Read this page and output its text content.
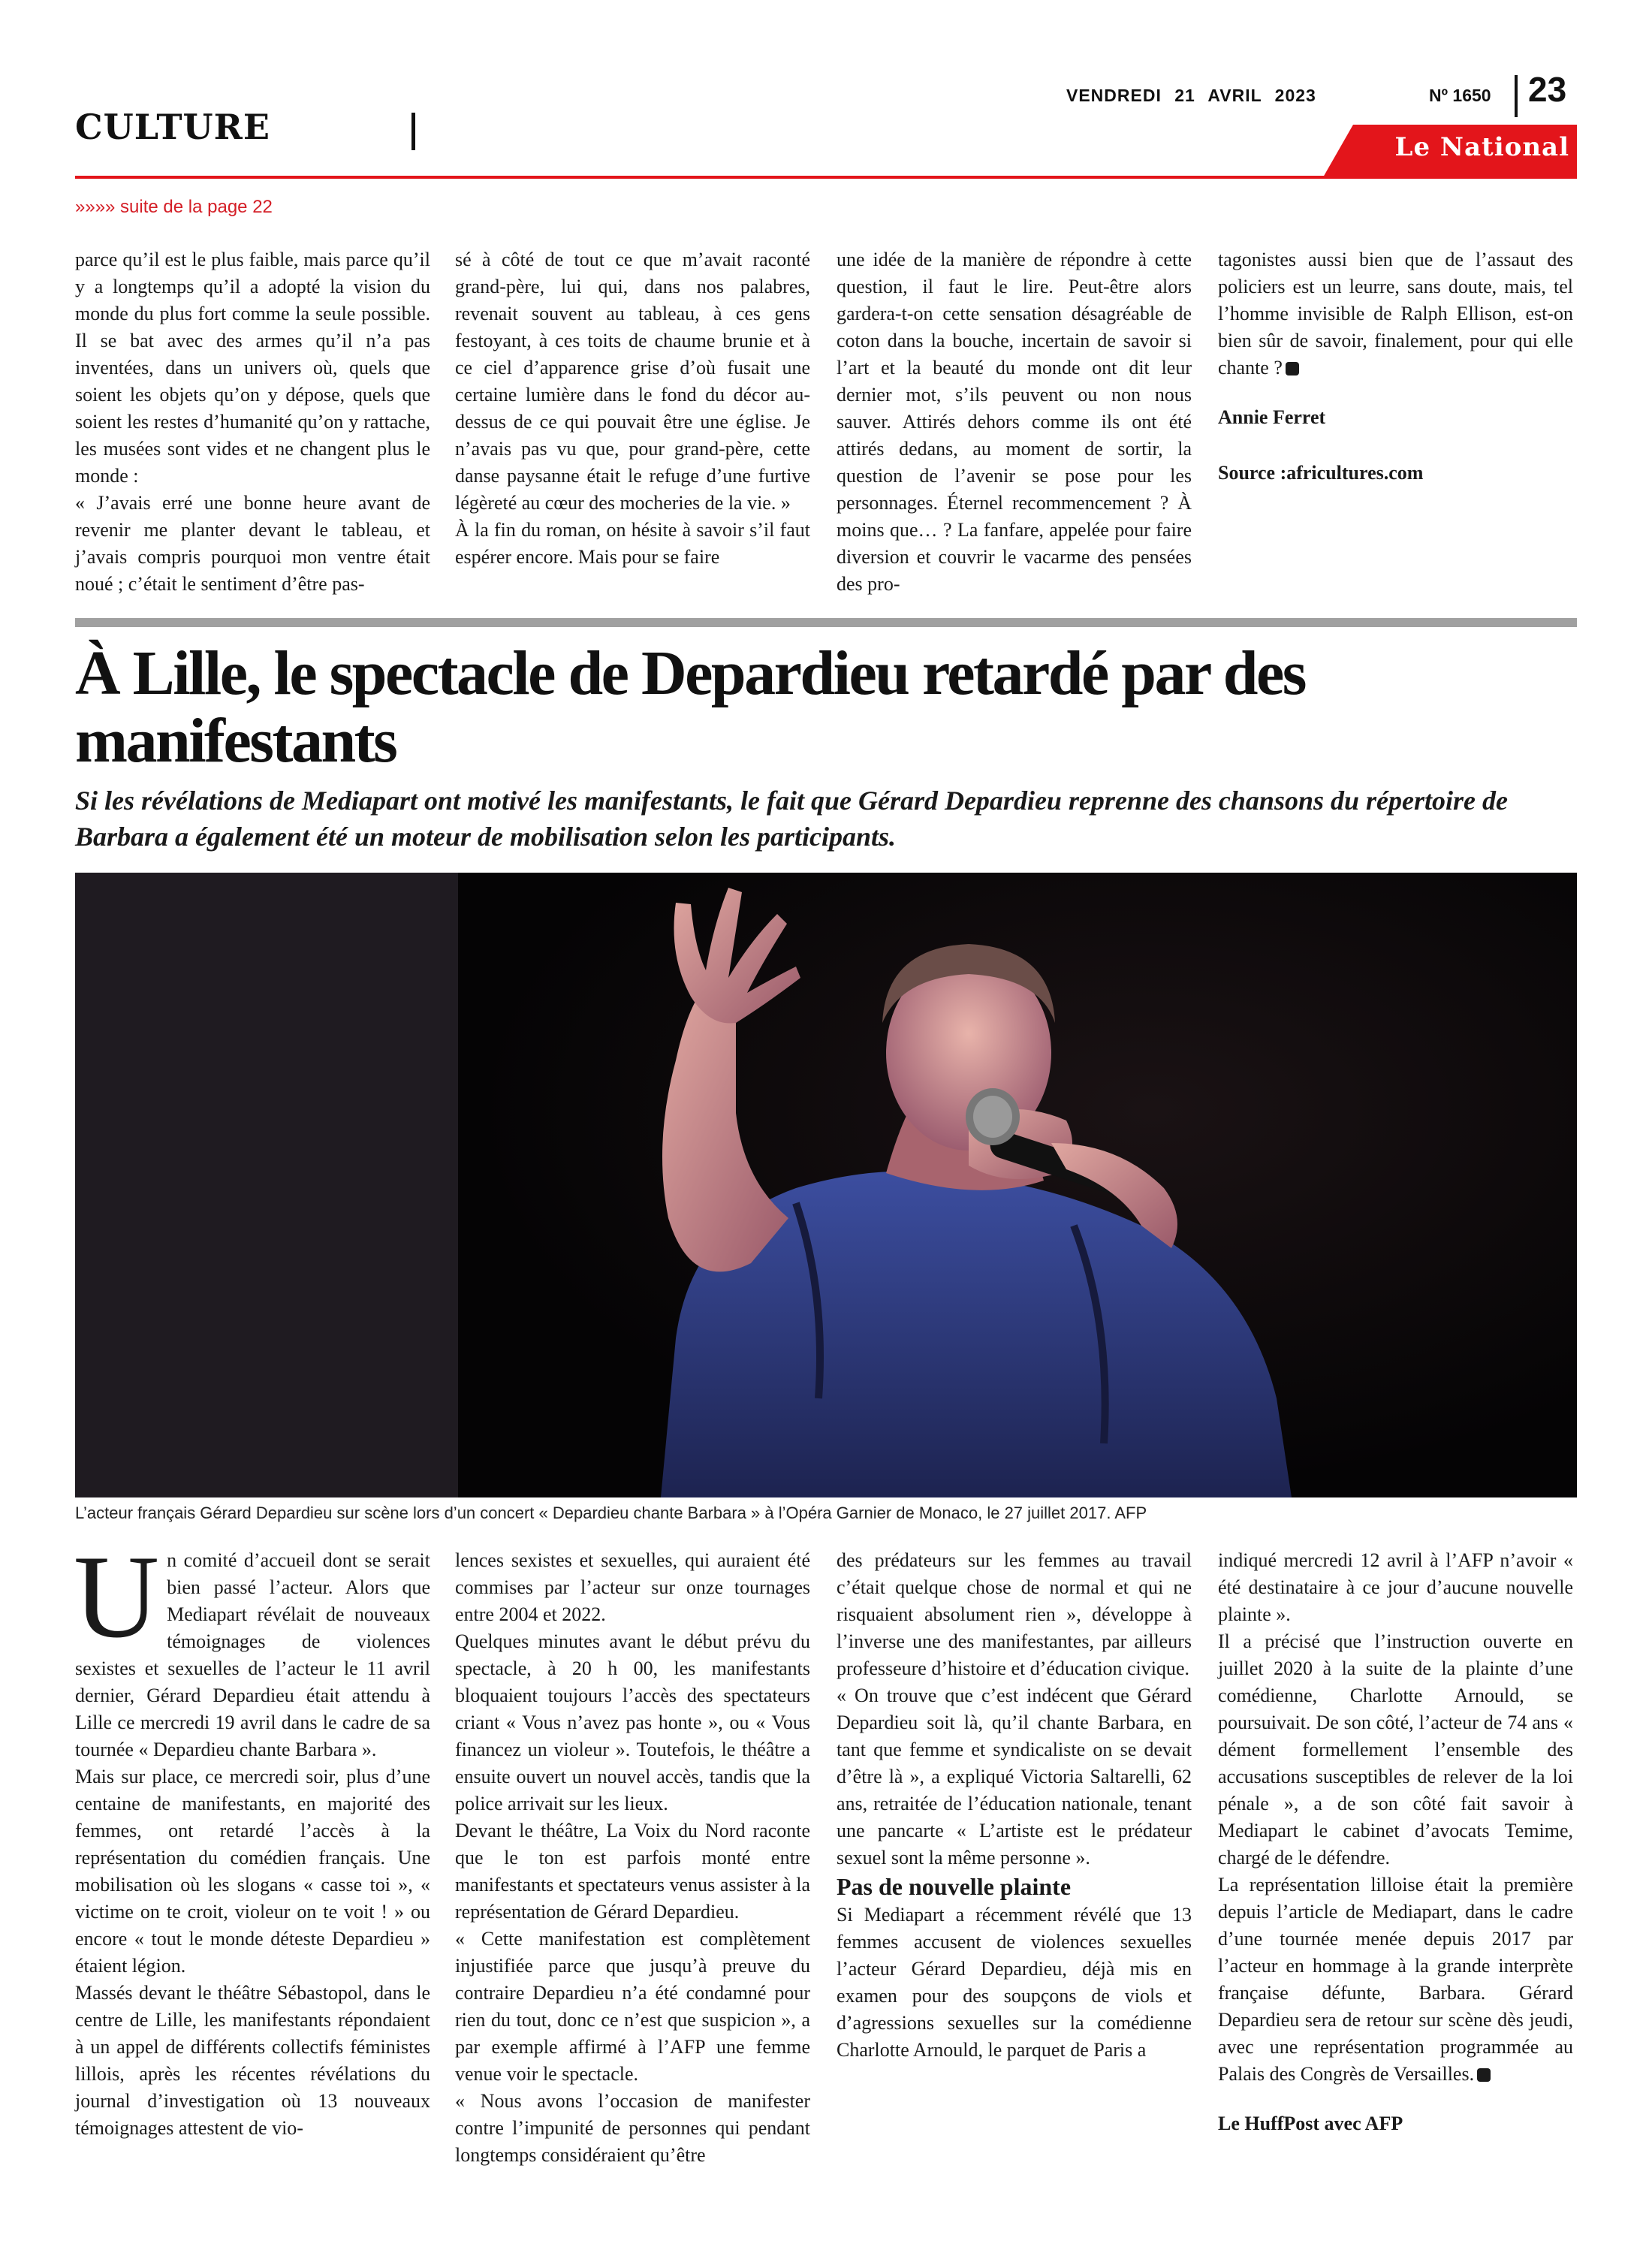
CULTURE
VENDREDI 21 AVRIL 2023	Nº 1650 23
Le National
»»»» suite de la page 22

parce qu’il est le plus faible, mais parce qu’il y a longtemps qu’il a adopté la vision du monde du plus fort comme la seule possible. Il se bat avec des armes qu’il n’a pas inventées, dans un univers où, quels que soient les objets qu’on y dépose, quels que soient les restes d’humanité qu’on y rattache, les musées sont vides et ne changent plus le monde :

« J’avais erré une bonne heure avant de revenir me planter devant le tableau, et j’avais compris pourquoi mon ventre était noué ; c’était le sentiment d’être pas-

sé à côté de tout ce que m’avait raconté grand-père, lui qui, dans nos palabres, revenait souvent au tableau, à ces gens festoyant, à ces toits de chaume brunie et à ce ciel d’apparence grise d’où fusait une certaine lumière dans le fond du décor au-dessus de ce qui pouvait être une église. Je n’avais pas vu que, pour grand-père, cette danse paysanne était le refuge d’une furtive légèreté au cœur des mocheries de la vie. »

À la fin du roman, on hésite à savoir s’il faut espérer encore. Mais pour se faire

une idée de la manière de répondre à cette question, il faut le lire. Peut-être alors gardera-t-on cette sensation désagréable de coton dans la bouche, incertain de savoir si l’art et la beauté du monde ont dit leur dernier mot, s’ils peuvent ou non nous sauver. Attirés dehors comme ils ont été attirés dedans, au moment de sortir, la question de l’avenir se pose pour les personnages. Éternel recommencement ? À moins que… ? La fanfare, appelée pour faire diversion et couvrir le vacarme des pensées des pro-

tagonistes aussi bien que de l’assaut des policiers est un leurre, sans doute, mais, tel l’homme invisible de Ralph Ellison, est-on bien sûr de savoir, finalement, pour qui elle chante ?

Annie Ferret

Source :africultures.com

À Lille, le spectacle de Depardieu retardé par des manifestants

Si les révélations de Mediapart ont motivé les manifestants, le fait que Gérard Depardieu reprenne des chansons du répertoire de Barbara a également été un moteur de mobilisation selon les participants.

L’acteur français Gérard Depardieu sur scène lors d’un concert « Depardieu chante Barbara » à l’Opéra Garnier de Monaco, le 27 juillet 2017. AFP

Un comité d’accueil dont se serait bien passé l’acteur. Alors que Mediapart révélait de nouveaux témoignages de violences sexistes et sexuelles de l’acteur le 11 avril dernier, Gérard Depardieu était attendu à Lille ce mercredi 19 avril dans le cadre de sa tournée « Depardieu chante Barbara ».

Mais sur place, ce mercredi soir, plus d’une centaine de manifestants, en majorité des femmes, ont retardé l’accès à la représentation du comédien français. Une mobilisation où les slogans « casse toi », « victime on te croit, violeur on te voit ! » ou encore « tout le monde déteste Depardieu » étaient légion.

Massés devant le théâtre Sébastopol, dans le centre de Lille, les manifestants répondaient à un appel de différents collectifs féministes lillois, après les récentes révélations du journal d’investigation où 13 nouveaux témoignages attestent de vio-

lences sexistes et sexuelles, qui auraient été commises par l’acteur sur onze tournages entre 2004 et 2022.

Quelques minutes avant le début prévu du spectacle, à 20 h 00, les manifestants bloquaient toujours l’accès des spectateurs criant « Vous n’avez pas honte », ou « Vous financez un violeur ». Toutefois, le théâtre a ensuite ouvert un nouvel accès, tandis que la police arrivait sur les lieux.

Devant le théâtre, La Voix du Nord raconte que le ton est parfois monté entre manifestants et spectateurs venus assister à la représentation de Gérard Depardieu.

« Cette manifestation est complètement injustifiée parce que jusqu’à preuve du contraire Depardieu n’a été condamné pour rien du tout, donc ce n’est que suspicion », a par exemple affirmé à l’AFP une femme venue voir le spectacle.

« Nous avons l’occasion de manifester contre l’impunité de personnes qui pendant longtemps considéraient qu’être

des prédateurs sur les femmes au travail c’était quelque chose de normal et qui ne risquaient absolument rien », développe à l’inverse une des manifestantes, par ailleurs professeure d’histoire et d’éducation civique.

« On trouve que c’est indécent que Gérard Depardieu soit là, qu’il chante Barbara, en tant que femme et syndicaliste on se devait d’être là », a expliqué Victoria Saltarelli, 62 ans, retraitée de l’éducation nationale, tenant une pancarte « L’artiste est le prédateur sexuel sont la même personne ».

Pas de nouvelle plainte

Si Mediapart a récemment révélé que 13 femmes accusent de violences sexuelles l’acteur Gérard Depardieu, déjà mis en examen pour des soupçons de viols et d’agressions sexuelles sur la comédienne Charlotte Arnould, le parquet de Paris a

indiqué mercredi 12 avril à l’AFP n’avoir « été destinataire à ce jour d’aucune nouvelle plainte ».

Il a précisé que l’instruction ouverte en juillet 2020 à la suite de la plainte d’une comédienne, Charlotte Arnould, se poursuivait. De son côté, l’acteur de 74 ans « dément formellement l’ensemble des accusations susceptibles de relever de la loi pénale », a de son côté fait savoir à Mediapart le cabinet d’avocats Temime, chargé de le défendre.

La représentation lilloise était la première depuis l’article de Mediapart, dans le cadre d’une tournée menée depuis 2017 par l’acteur en hommage à la grande interprète française défunte, Barbara. Gérard Depardieu sera de retour sur scène dès jeudi, avec une représentation programmée au Palais des Congrès de Versailles.

Le HuffPost avec AFP
